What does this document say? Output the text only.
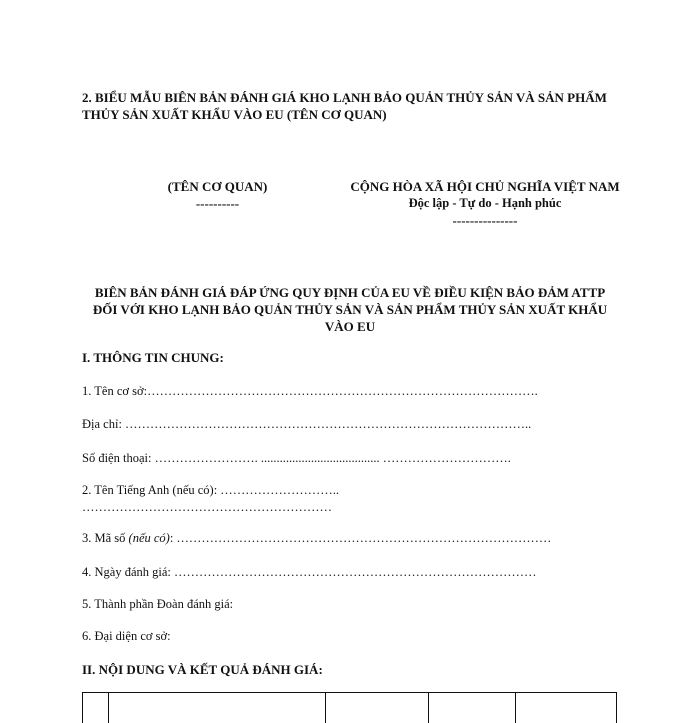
2. BIỂU MẪU BIÊN BẢN ĐÁNH GIÁ KHO LẠNH BẢO QUẢN THỦY SẢN VÀ SẢN PHẨM THỦY SẢN XUẤT KHẨU VÀO EU (TÊN CƠ QUAN)
(TÊN CƠ QUAN)
----------
CỘNG HÒA XÃ HỘI CHỦ NGHĨA VIỆT NAM
Độc lập - Tự do - Hạnh phúc
---------------
BIÊN BẢN ĐÁNH GIÁ ĐÁP ỨNG QUY ĐỊNH CỦA EU VỀ ĐIỀU KIỆN BẢO ĐẢM ATTP ĐỐI VỚI KHO LẠNH BẢO QUẢN THỦY SẢN VÀ SẢN PHẨM THỦY SẢN XUẤT KHẨU VÀO EU
I. THÔNG TIN CHUNG:
1. Tên cơ sở:………………………………………………………………………………….
Địa chỉ: ……………………………………………………………………………………..
Số điện thoại: ……………………. ...................................... ………………………….
2. Tên Tiếng Anh (nếu có): ………………………..
……………………………………………………
3. Mã số (nếu có): ………………………………………………………………………………
4. Ngày đánh giá: ……………………………………………………………………………
5. Thành phần Đoàn đánh giá:
6. Đại diện cơ sở:
II. NỘI DUNG VÀ KẾT QUẢ ĐÁNH GIÁ:
